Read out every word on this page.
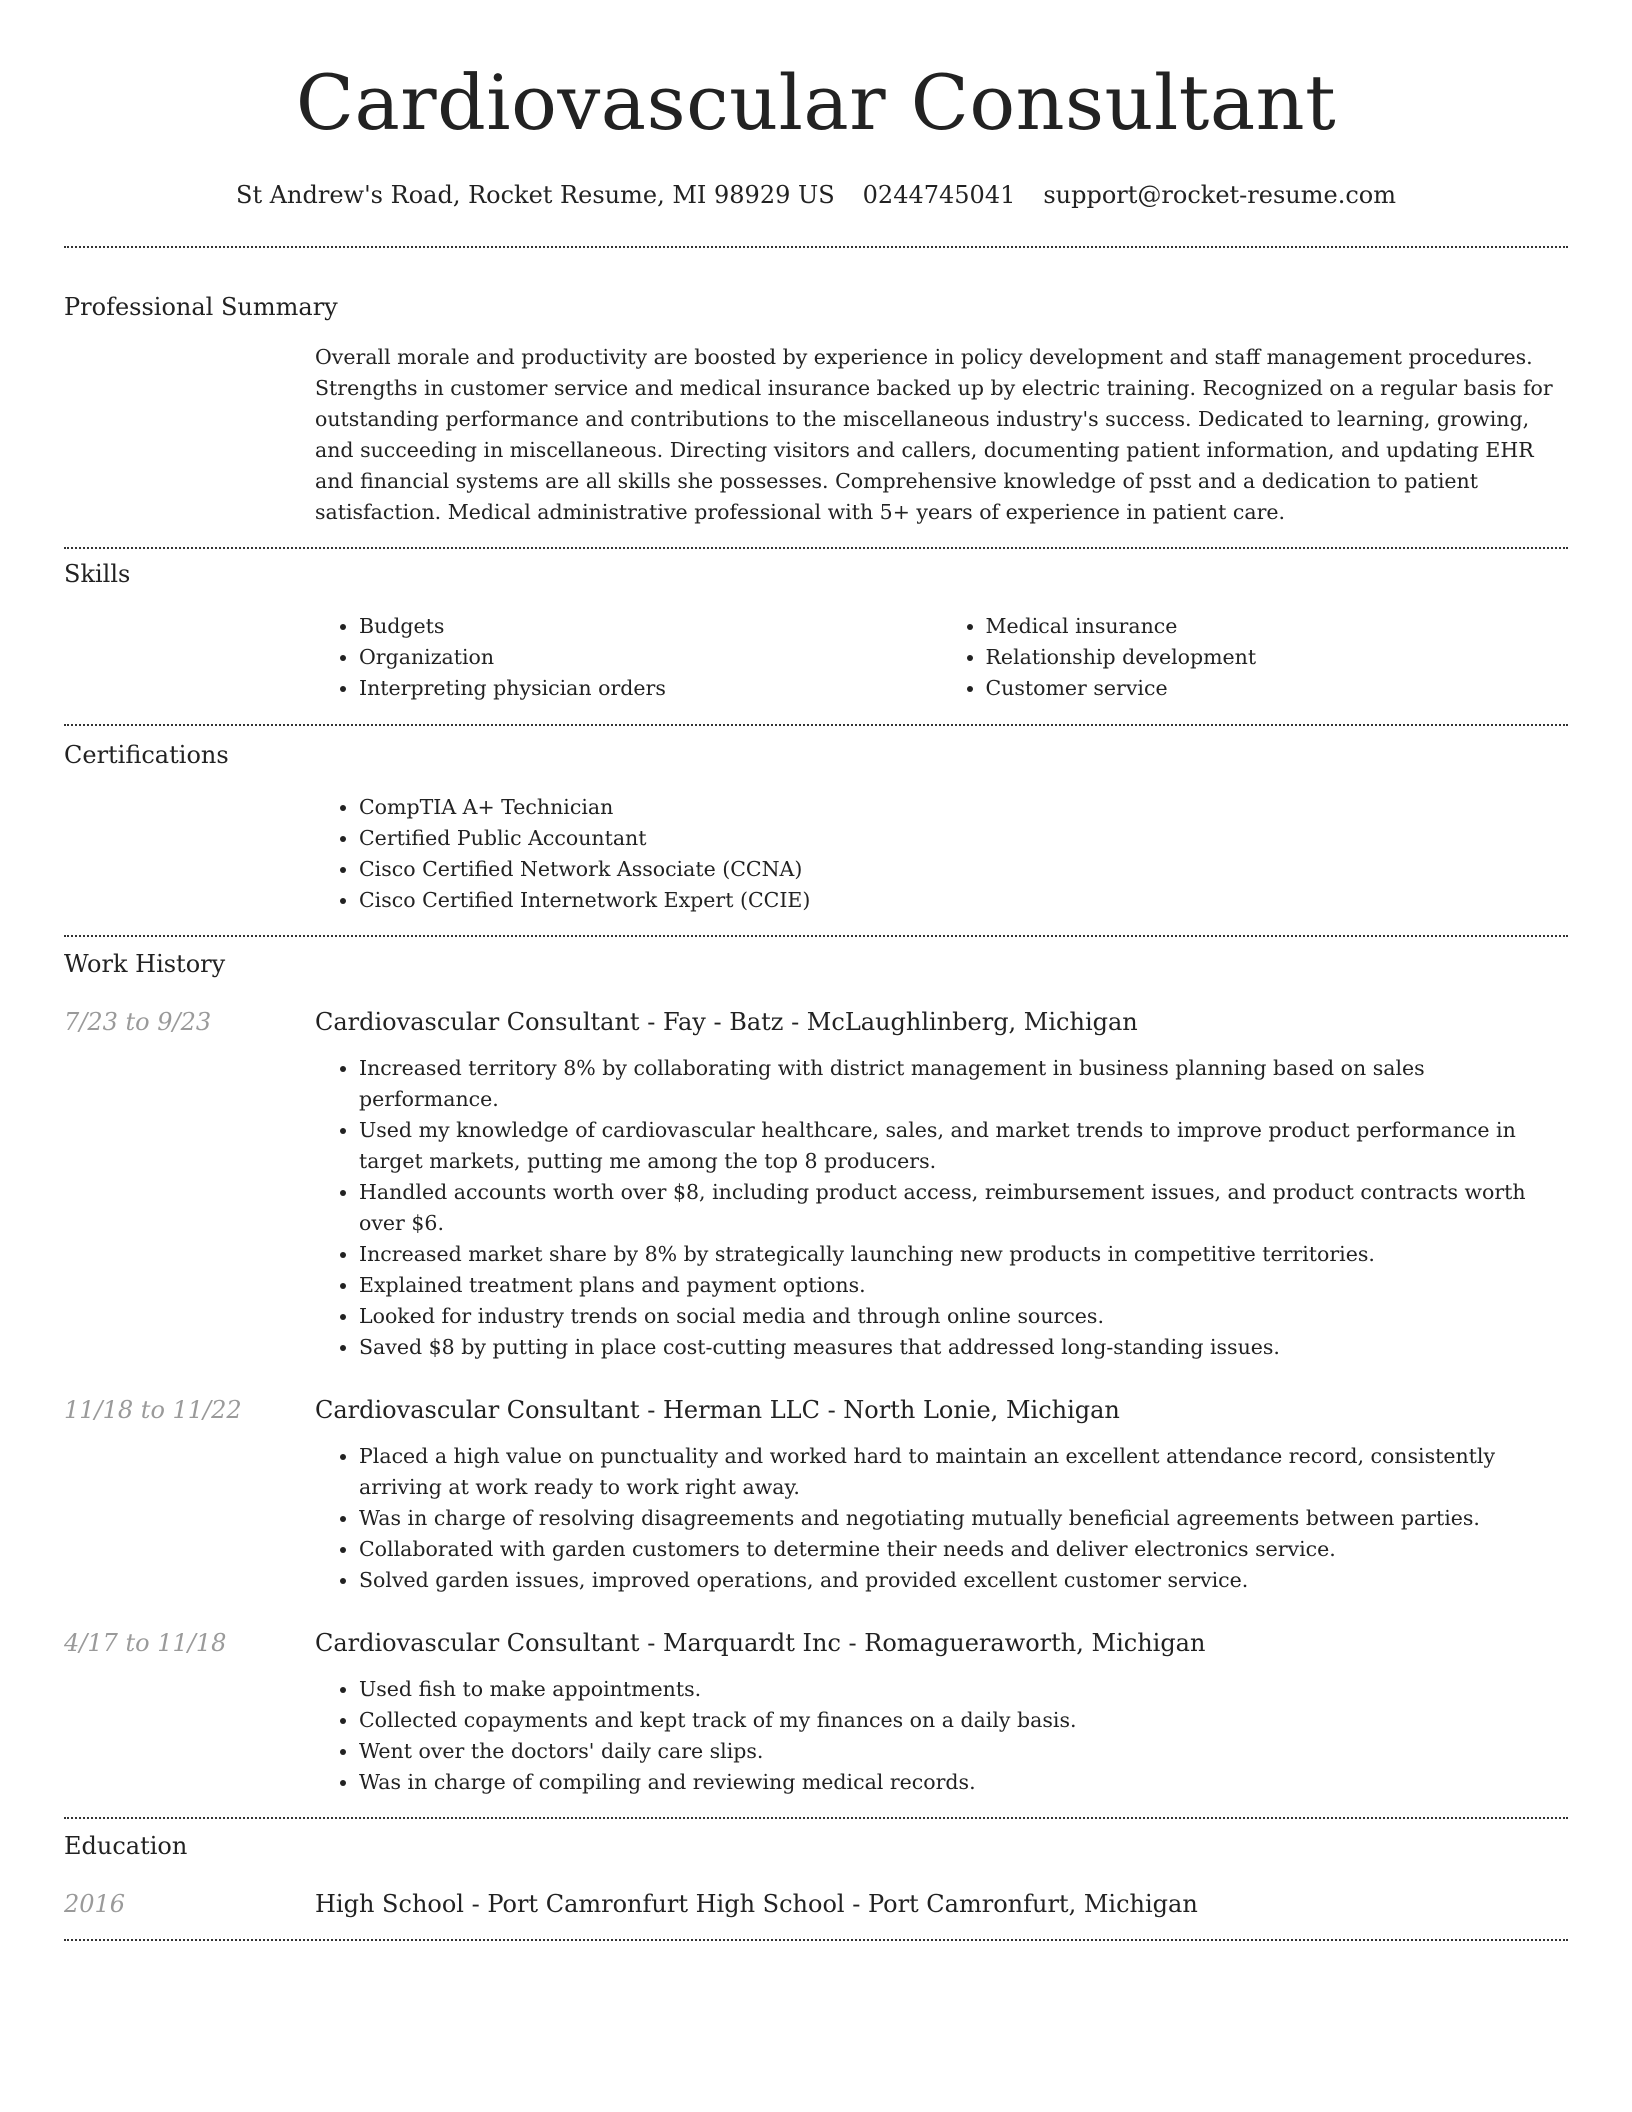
Cardiovascular Consultant
St Andrew's Road, Rocket Resume, MI 98929 US 0244745041 support@rocket-resume.com
Professional Summary

Overall morale and productivity are boosted by experience in policy development and staff management procedures. Strengths in customer service and medical insurance backed up by electric training. Recognized on a regular basis for outstanding performance and contributions to the miscellaneous industry's success. Dedicated to learning, growing, and succeeding in miscellaneous. Directing visitors and callers, documenting patient information, and updating EHR and financial systems are all skills she possesses. Comprehensive knowledge of psst and a dedication to patient satisfaction. Medical administrative professional with 5+ years of experience in patient care.

Skills
• Budgets
• Organization
• Interpreting physician orders
• Medical insurance
• Relationship development
• Customer service
Certifications
• CompTIA A+ Technician
• Certified Public Accountant
• Cisco Certified Network Associate (CCNA)
• Cisco Certified Internetwork Expert (CCIE)
Work History
7/23 to 9/23	Cardiovascular Consultant - Fay - Batz - McLaughlinberg, Michigan
• Increased territory 8% by collaborating with district management in business planning based on sales performance.
• Used my knowledge of cardiovascular healthcare, sales, and market trends to improve product performance in target markets, putting me among the top 8 producers.
• Handled accounts worth over $8, including product access, reimbursement issues, and product contracts worth over $6.
• Increased market share by 8% by strategically launching new products in competitive territories.
• Explained treatment plans and payment options.
• Looked for industry trends on social media and through online sources.
• Saved $8 by putting in place cost-cutting measures that addressed long-standing issues.
11/18 to 11/22	Cardiovascular Consultant - Herman LLC - North Lonie, Michigan
• Placed a high value on punctuality and worked hard to maintain an excellent attendance record, consistently arriving at work ready to work right away.
• Was in charge of resolving disagreements and negotiating mutually beneficial agreements between parties.
• Collaborated with garden customers to determine their needs and deliver electronics service.
• Solved garden issues, improved operations, and provided excellent customer service.
4/17 to 11/18	Cardiovascular Consultant - Marquardt Inc - Romagueraworth, Michigan
• Used fish to make appointments.
• Collected copayments and kept track of my finances on a daily basis.
• Went over the doctors' daily care slips.
• Was in charge of compiling and reviewing medical records.
Education
2016	High School - Port Camronfurt High School - Port Camronfurt, Michigan
